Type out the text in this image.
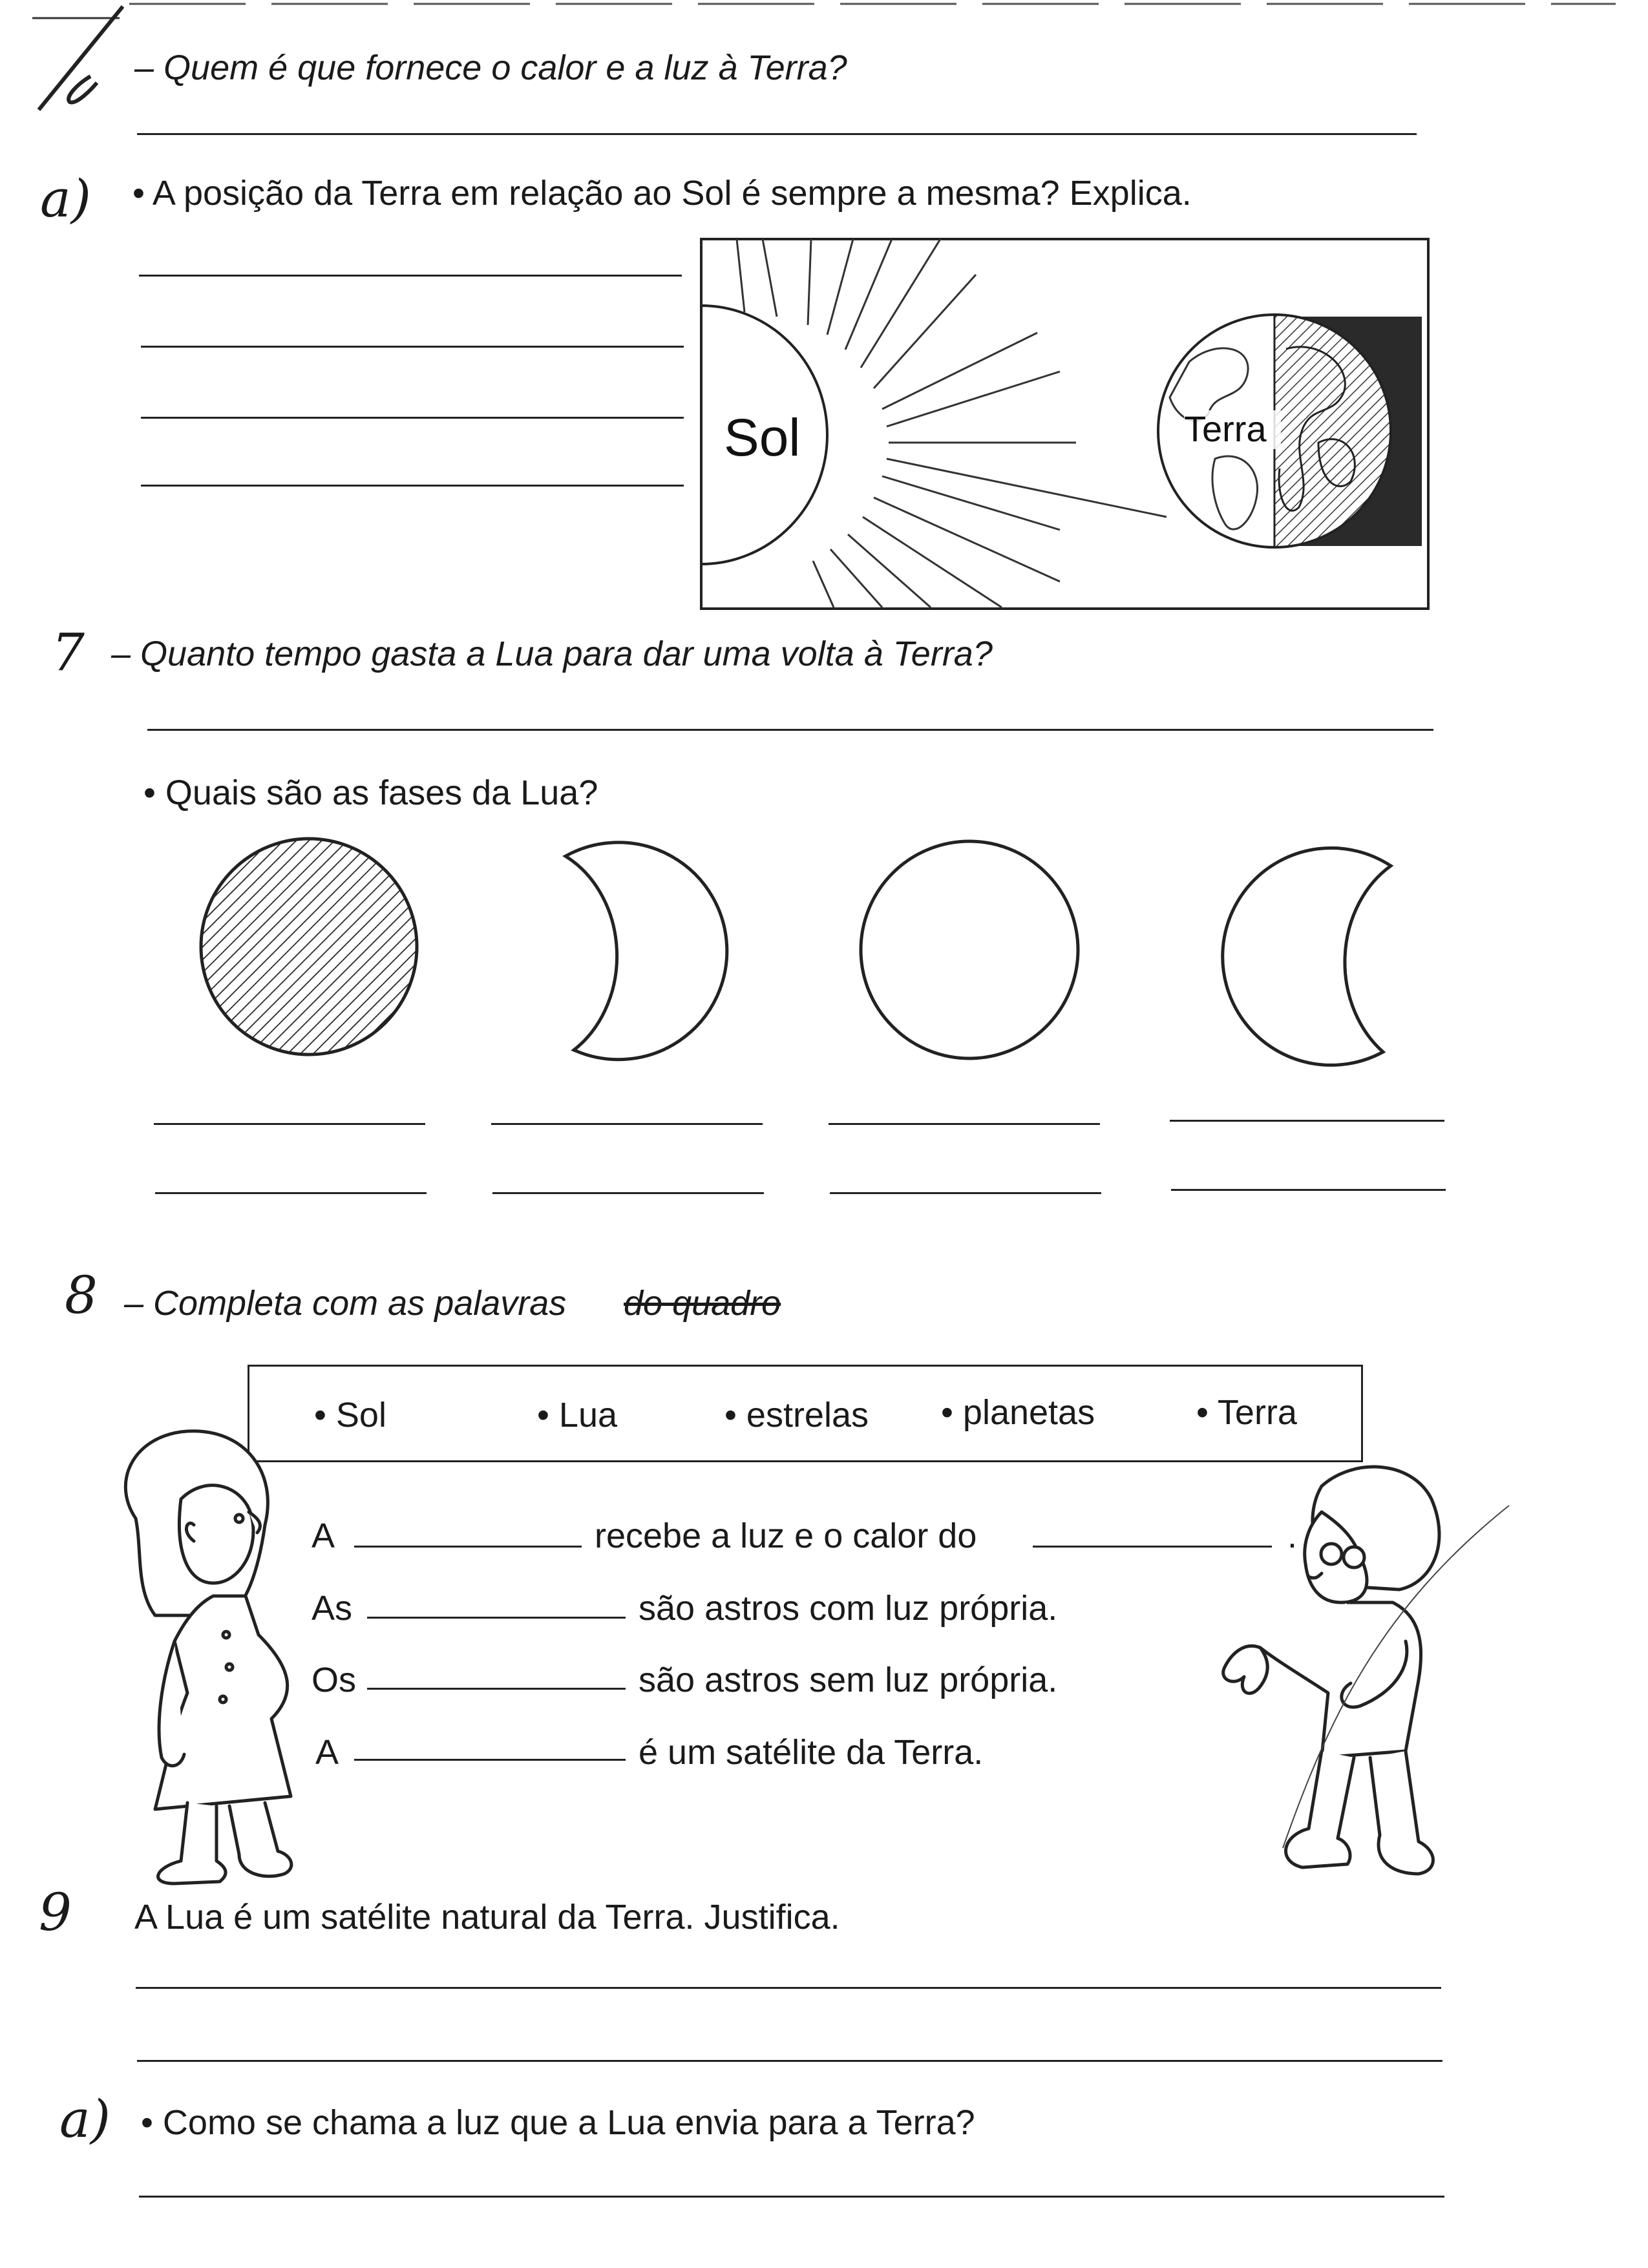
– Quem é que fornece o calor e a luz à Terra?
a) • A posição da Terra em relação ao Sol é sempre a mesma? Explica.
Sol	Terra
7 – Quanto tempo gasta a Lua para dar uma volta à Terra?
• Quais são as fases da Lua?
8 – Completa com as palavras do quadro
• Sol	• Lua	• estrelas • planetas	• Terra
A	recebe a luz e o calor do	.
As	são astros com luz própria.
Os	são astros sem luz própria.
A	é um satélite da Terra.
9 A Lua é um satélite natural da Terra. Justifica.
a) • Como se chama a luz que a Lua envia para a Terra?
